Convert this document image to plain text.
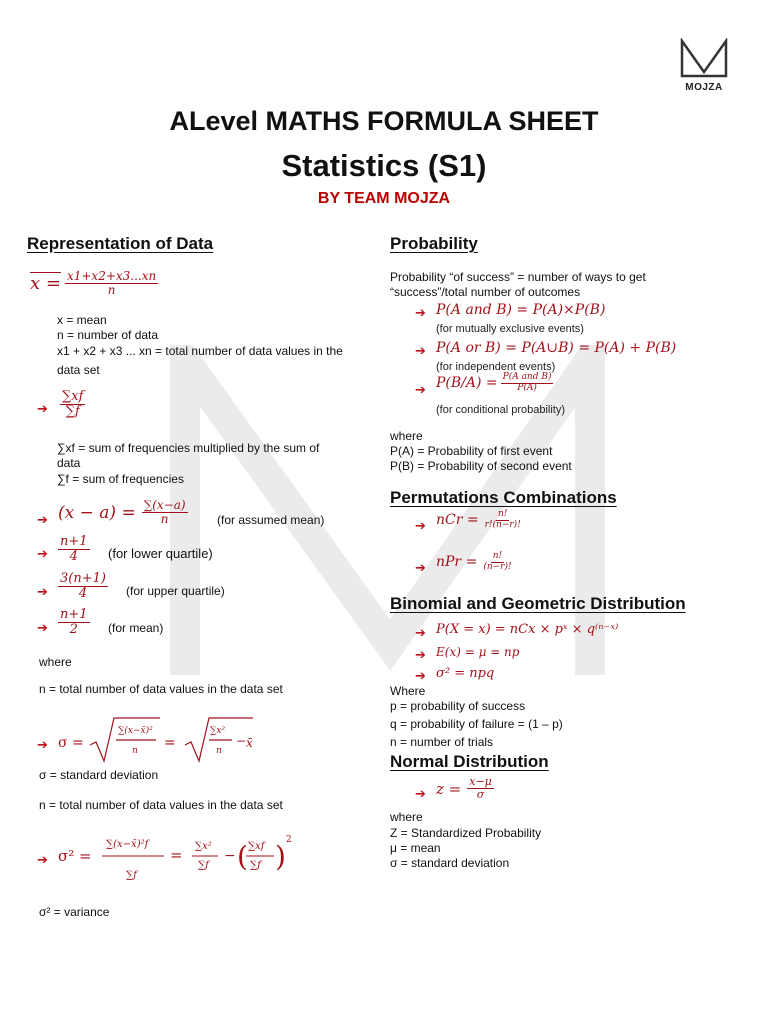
MOJZA
ALevel MATHS FORMULA SHEET
Statistics (S1)
BY TEAM MOJZA
Representation of Data
$x = \frac{x1+x2+x3...xn}{n}$
x = mean
n = number of data
x1 + x2 + x3 ... xn = total number of data values in the
data set
➔ $\frac{\sum xf}{\sum f}$
∑xf = sum of frequencies multiplied by the sum of
data
∑f = sum of frequencies
➔ $(x - a) = \frac{\sum(x-a)}{n} (for$ assumed mean)
➔ $\frac{n+1}{4} (for$ lower quartile)
➔ $\frac{3(n+1)}{4} (for$ upper quartile)
➔ $\frac{n+1}{2} (for$ mean)
where
n = total number of data values in the data set
➔ σ =
∑(x−x̄)²
n =
∑x²
n
− x̄
σ = standard deviation
n = total number of data values in the data set
➔ σ² =
∑(x−x̄)²f
∑f
= ∑x²
∑f
− ( ∑xf
∑f ) 2
σ² = variance
Probability
Probability “of success” = number of ways to get
“success”/total number of outcomes
➔ P(A and B) = P(A)×P(B)
(for mutually exclusive events)
➔ P(A or B) = P(A∪B) = P(A) + P(B)
(for independent events)
➔ $P(B/A) = \frac{\text{P(A and B)}}{P(A)}$
(for conditional probability)
where
P(A) = Probability of first event
P(B) = Probability of second event
Permutations Combinations
➔ nCr = $\frac{n!}{r!(n-r)!}$
➔ nPr = $\frac{n!}{(n-r)!}$
Binomial and Geometric Distribution
➔ P(X = x) = nCx × pˣ × q⁽ⁿ⁻ˣ⁾
➔ E(x) = μ = np
➔ σ² = npq
Where
p = probability of success
q = probability of failure = (1 – p)
n = number of trials
Normal Distribution
➔ $z = \frac{x-\mu}{\sigma}$
where
Z = Standardized Probability
μ = mean
σ = standard deviation
